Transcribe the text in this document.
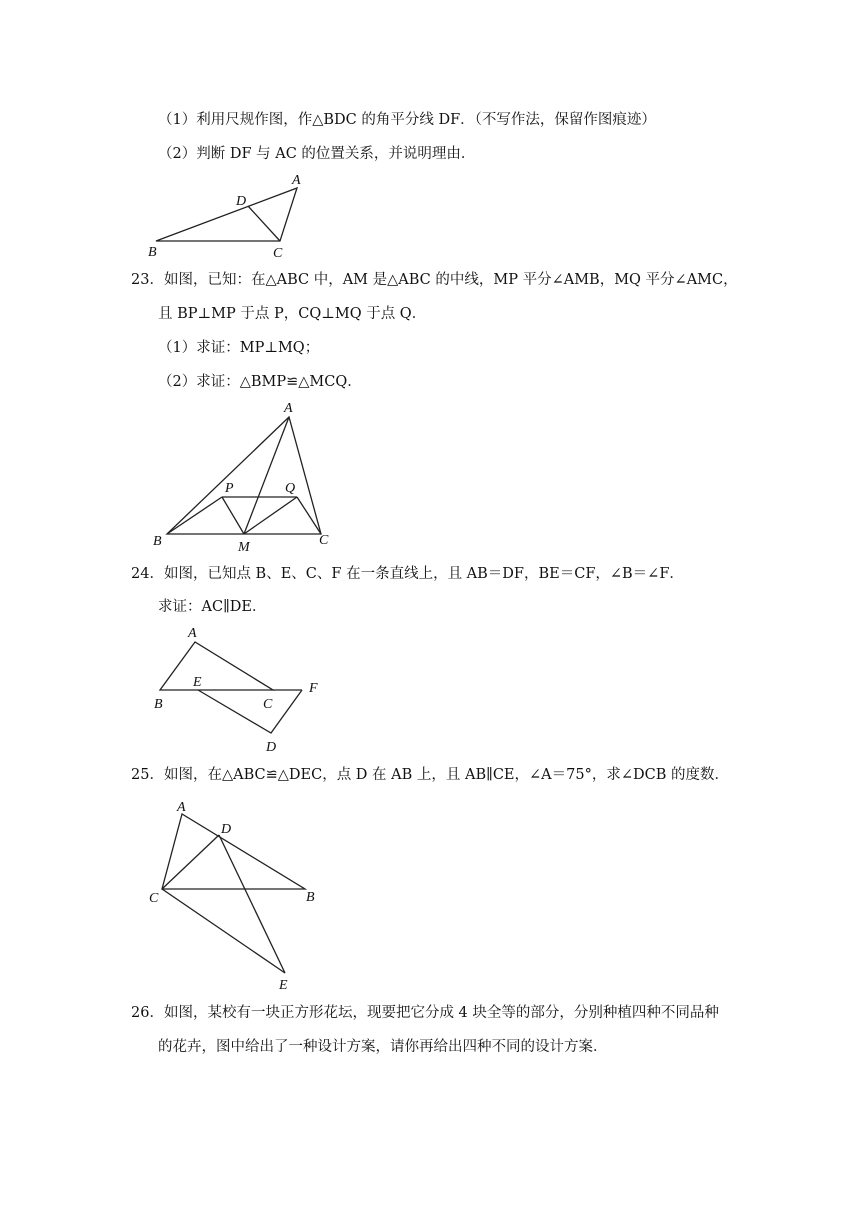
（1）利用尺规作图，作△BDC 的角平分线 DF．（不写作法，保留作图痕迹）
（2）判断 DF 与 AC 的位置关系，并说明理由．
A
D
B	C
23．如图，已知：在△ABC 中，AM 是△ABC 的中线，MP 平分∠AMB，MQ 平分∠AMC，
且 BP⊥MP 于点 P，CQ⊥MQ 于点 Q．
（1）求证：MP⊥MQ；
（2）求证：△BMP≌△MCQ．
A
P	Q
B	M	C
24．如图，已知点 B、E、C、F 在一条直线上，且 AB＝DF，BE＝CF，∠B＝∠F．
求证：AC∥DE．
A
E	F
B	C
D
25．如图，在△ABC≌△DEC，点 D 在 AB 上，且 AB∥CE，∠A＝75°，求∠DCB 的度数．
A
D
C	B
E
26．如图，某校有一块正方形花坛，现要把它分成 4 块全等的部分，分别种植四种不同品种
的花卉，图中给出了一种设计方案，请你再给出四种不同的设计方案．
